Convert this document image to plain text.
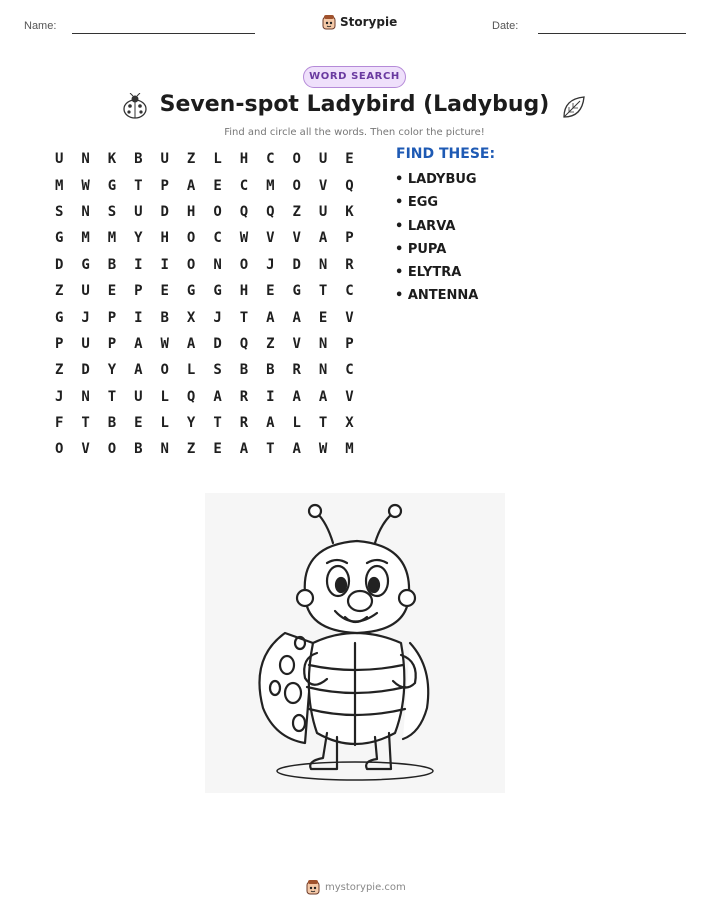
Name:	Storypie	Date:
WORD SEARCH
Seven-spot Ladybird (Ladybug)
Find and circle all the words. Then color the picture!
U	N	K	B	U	Z	L	H	C	O	U	E
M	W	G	T	P	A	E	C	M	O	V	Q
S	N	S	U	D	H	O	Q	Q	Z	U	K
G	M	M	Y	H	O	C	W	V	V	A	P
D	G	B	I	I	O	N	O	J	D	N	R
Z	U	E	P	E	G	G	H	E	G	T	C
G	J	P	I	B	X	J	T	A	A	E	V
P	U	P	A	W	A	D	Q	Z	V	N	P
Z	D	Y	A	O	L	S	B	B	R	N	C
J	N	T	U	L	Q	A	R	I	A	A	V
F	T	B	E	L	Y	T	R	A	L	T	X
O	V	O	B	N	Z	E	A	T	A	W	M
FIND THESE:
• LADYBUG
• EGG
• LARVA
• PUPA
• ELYTRA
• ANTENNA
mystorypie.com
